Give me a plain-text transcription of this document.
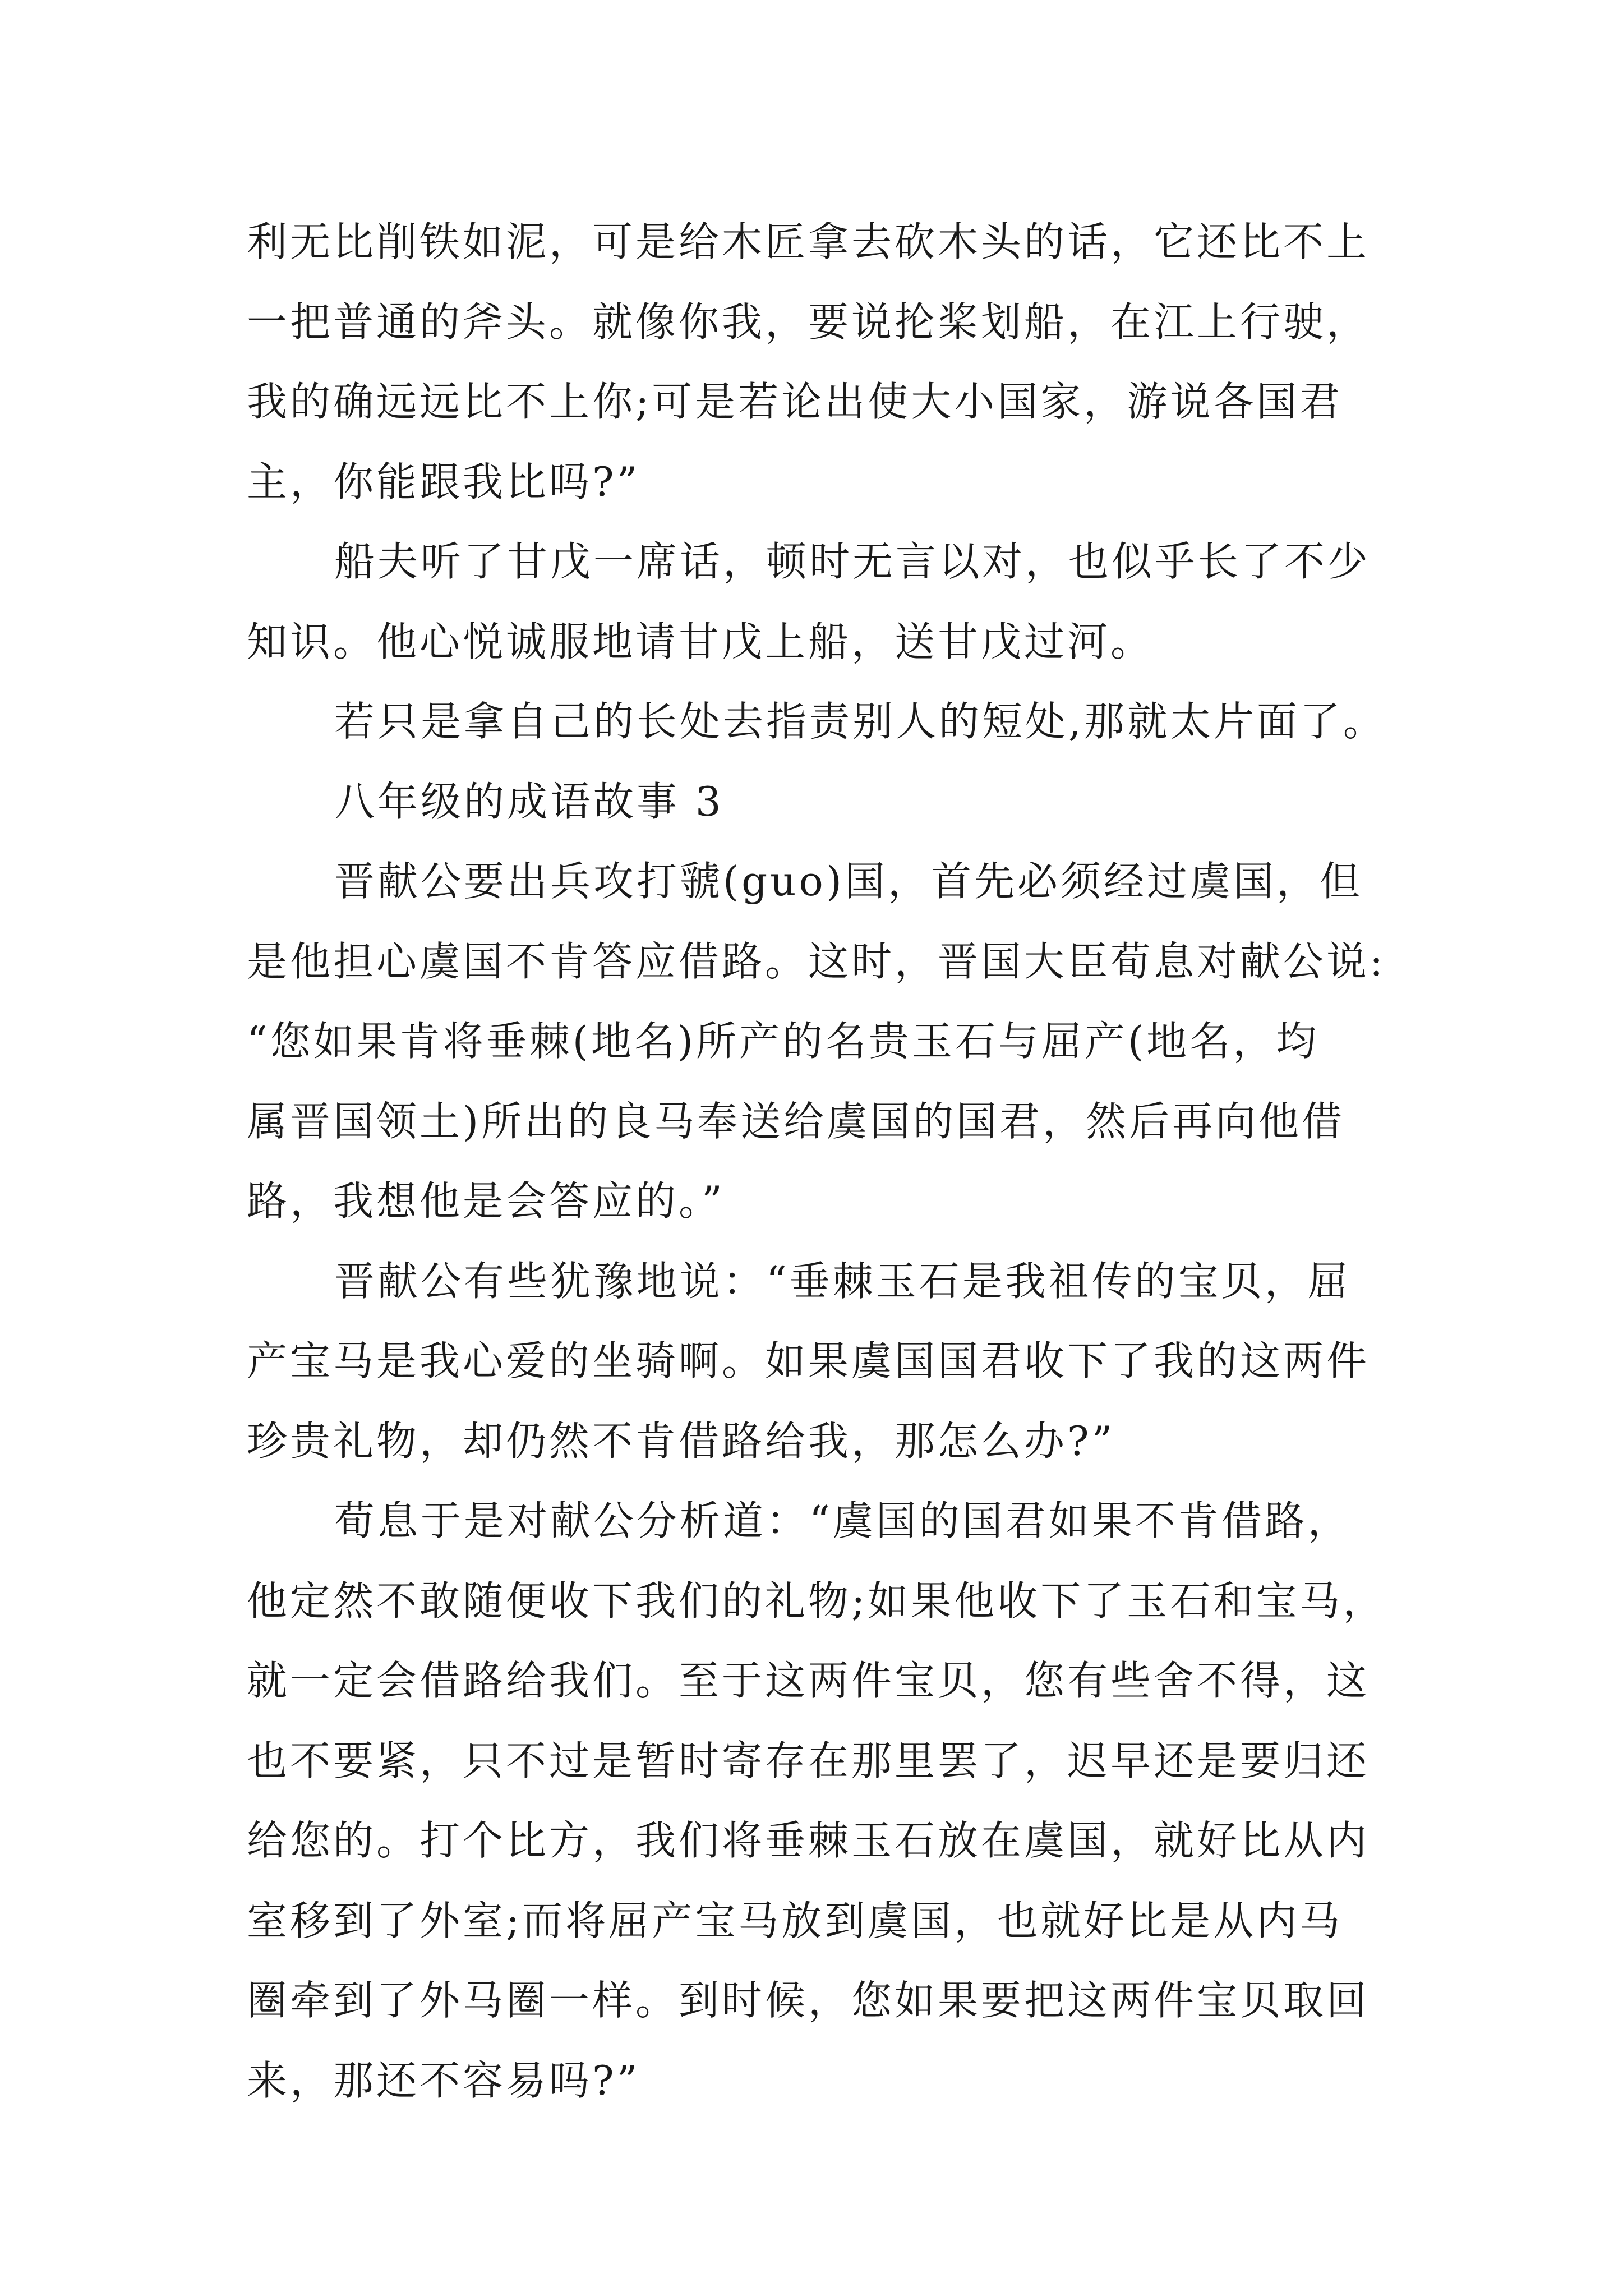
利无比削铁如泥，可是给木匠拿去砍木头的话，它还比不上
一把普通的斧头。就像你我，要说抡桨划船，在江上行驶，
我的确远远比不上你;可是若论出使大小国家，游说各国君
主，你能跟我比吗?”
船夫听了甘戊一席话，顿时无言以对，也似乎长了不少
知识。他心悦诚服地请甘戊上船，送甘戊过河。
若只是拿自己的长处去指责别人的短处,那就太片面了。
八年级的成语故事 3
晋献公要出兵攻打虢(guo)国，首先必须经过虞国，但
是他担心虞国不肯答应借路。这时，晋国大臣荀息对献公说:
“您如果肯将垂棘(地名)所产的名贵玉石与屈产(地名，均
属晋国领土)所出的良马奉送给虞国的国君，然后再向他借
路，我想他是会答应的。”
晋献公有些犹豫地说：“垂棘玉石是我祖传的宝贝，屈
产宝马是我心爱的坐骑啊。如果虞国国君收下了我的这两件
珍贵礼物，却仍然不肯借路给我，那怎么办?”
荀息于是对献公分析道：“虞国的国君如果不肯借路，
他定然不敢随便收下我们的礼物;如果他收下了玉石和宝马，
就一定会借路给我们。至于这两件宝贝，您有些舍不得，这
也不要紧，只不过是暂时寄存在那里罢了，迟早还是要归还
给您的。打个比方，我们将垂棘玉石放在虞国，就好比从内
室移到了外室;而将屈产宝马放到虞国，也就好比是从内马
圈牵到了外马圈一样。到时候，您如果要把这两件宝贝取回
来，那还不容易吗?”
